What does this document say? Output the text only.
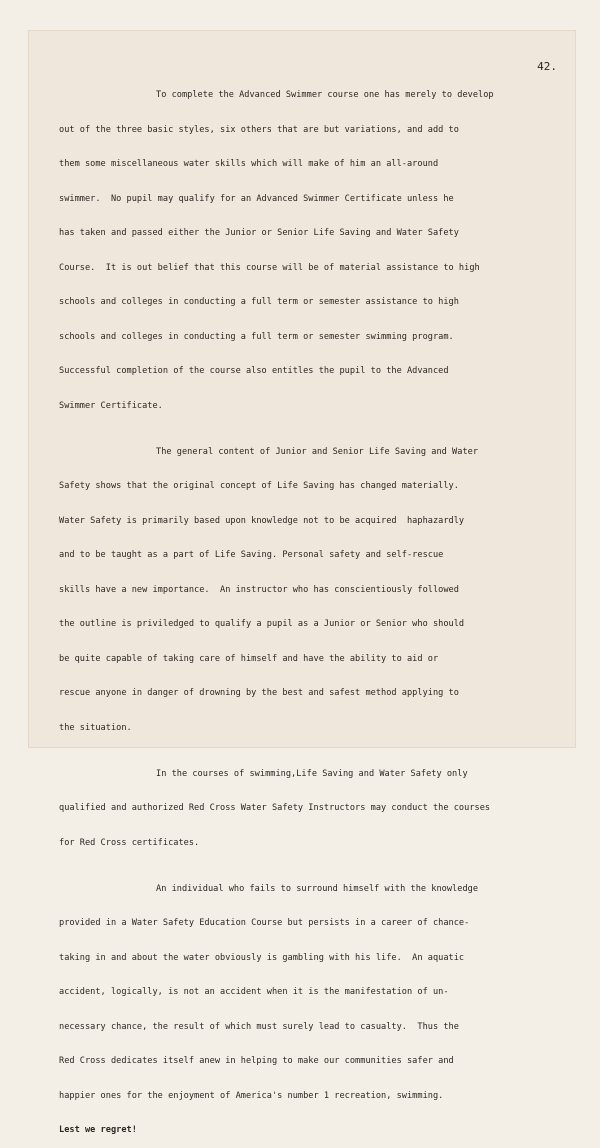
42.

To complete the Advanced Swimmer course one has merely to develop

out of the three basic styles, six others that are but variations, and add to

them some miscellaneous water skills which will make of him an all-around

swimmer.  No pupil may qualify for an Advanced Swimmer Certificate unless he

has taken and passed either the Junior or Senior Life Saving and Water Safety

Course.  It is out belief that this course will be of material assistance to high

schools and colleges in conducting a full term or semester assistance to high

schools and colleges in conducting a full term or semester swimming program.

Successful completion of the course also entitles the pupil to the Advanced

Swimmer Certificate.

The general content of Junior and Senior Life Saving and Water

Safety shows that the original concept of Life Saving has changed materially.

Water Safety is primarily based upon knowledge not to be acquired  haphazardly

and to be taught as a part of Life Saving. Personal safety and self-rescue

skills have a new importance.  An instructor who has conscientiously followed

the outline is priviledged to qualify a pupil as a Junior or Senior who should

be quite capable of taking care of himself and have the ability to aid or

rescue anyone in danger of drowning by the best and safest method applying to

the situation.

In the courses of swimming,Life Saving and Water Safety only

qualified and authorized Red Cross Water Safety Instructors may conduct the courses

for Red Cross certificates.

An individual who fails to surround himself with the knowledge

provided in a Water Safety Education Course but persists in a career of chance-

taking in and about the water obviously is gambling with his life.  An aquatic

accident, logically, is not an accident when it is the manifestation of un-

necessary chance, the result of which must surely lead to casualty.  Thus the

Red Cross dedicates itself anew in helping to make our communities safer and

happier ones for the enjoyment of America's number 1 recreation, swimming.

Lest we regret!
